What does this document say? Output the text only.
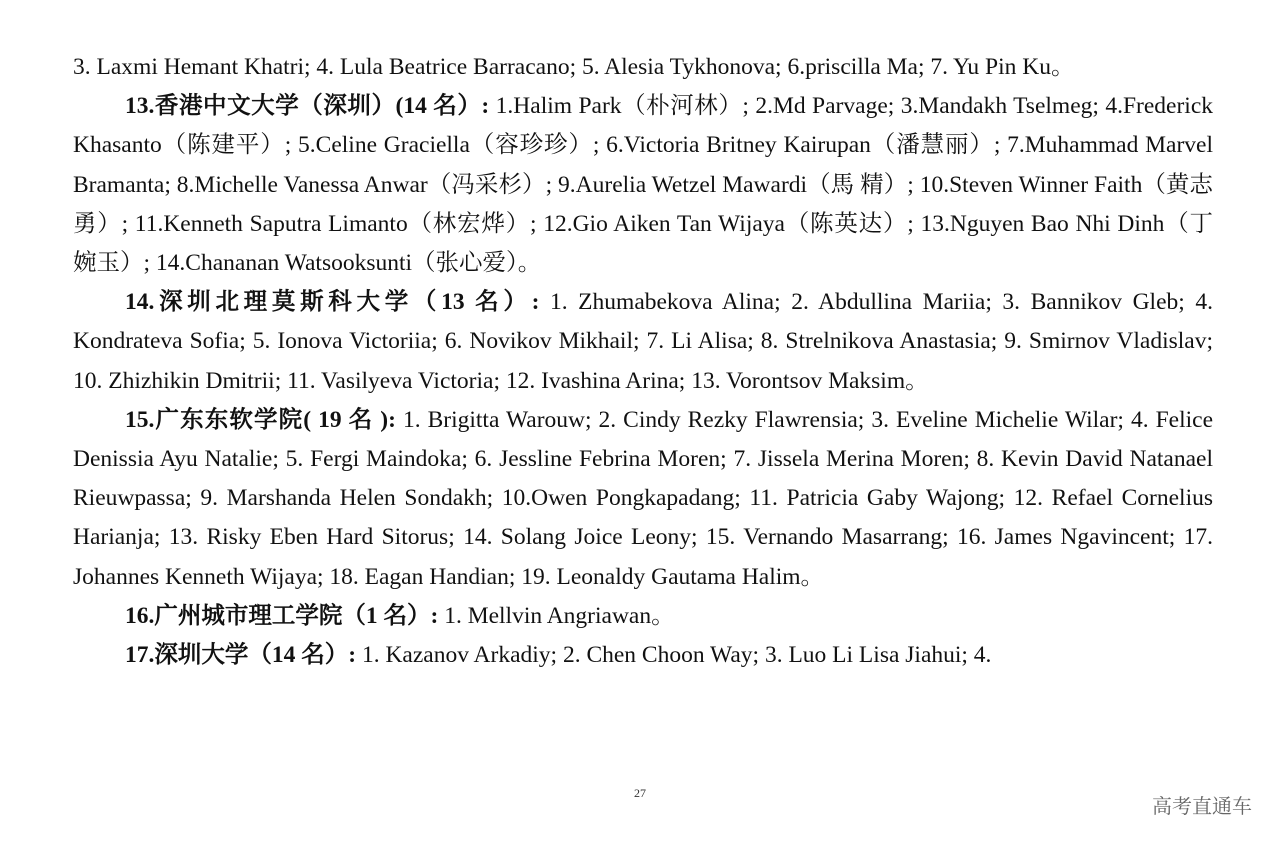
3. Laxmi Hemant Khatri; 4. Lula Beatrice Barracano; 5. Alesia Tykhonova; 6.priscilla Ma; 7. Yu Pin Ku。

13.香港中文大学（深圳）(14 名）: 1.Halim Park（朴河林）; 2.Md Parvage; 3.Mandakh Tselmeg; 4.Frederick Khasanto（陈建平）; 5.Celine Graciella（容珍珍）; 6.Victoria Britney Kairupan（潘慧丽）; 7.Muhammad Marvel Bramanta; 8.Michelle Vanessa Anwar（冯采杉）; 9.Aurelia Wetzel Mawardi（馬 精）; 10.Steven Winner Faith（黄志勇）; 11.Kenneth Saputra Limanto（林宏烨）; 12.Gio Aiken Tan Wijaya（陈英达）; 13.Nguyen Bao Nhi Dinh（丁婉玉）; 14.Chananan Watsooksunti（张心爱）。

14.深圳北理莫斯科大学（13 名）: 1. Zhumabekova Alina; 2. Abdullina Mariia; 3. Bannikov Gleb; 4. Kondrateva Sofia; 5. Ionova Victoriia; 6. Novikov Mikhail; 7. Li Alisa; 8. Strelnikova Anastasia; 9. Smirnov Vladislav; 10. Zhizhikin Dmitrii; 11. Vasilyeva Victoria; 12. Ivashina Arina; 13. Vorontsov Maksim。

15.广东东软学院( 19 名 ): 1. Brigitta Warouw; 2. Cindy Rezky Flawrensia; 3. Eveline Michelie Wilar; 4. Felice Denissia Ayu Natalie; 5. Fergi Maindoka; 6. Jessline Febrina Moren; 7. Jissela Merina Moren; 8. Kevin David Natanael Rieuwpassa; 9. Marshanda Helen Sondakh; 10.Owen Pongkapadang; 11. Patricia Gaby Wajong; 12. Refael Cornelius Harianja; 13. Risky Eben Hard Sitorus; 14. Solang Joice Leony; 15. Vernando Masarrang; 16. James Ngavincent; 17. Johannes Kenneth Wijaya; 18. Eagan Handian; 19. Leonaldy Gautama Halim。

16.广州城市理工学院（1 名）: 1. Mellvin Angriawan。

17.深圳大学（14 名）: 1. Kazanov Arkadiy; 2. Chen Choon Way; 3. Luo Li Lisa Jiahui; 4.

27
高考直通车
